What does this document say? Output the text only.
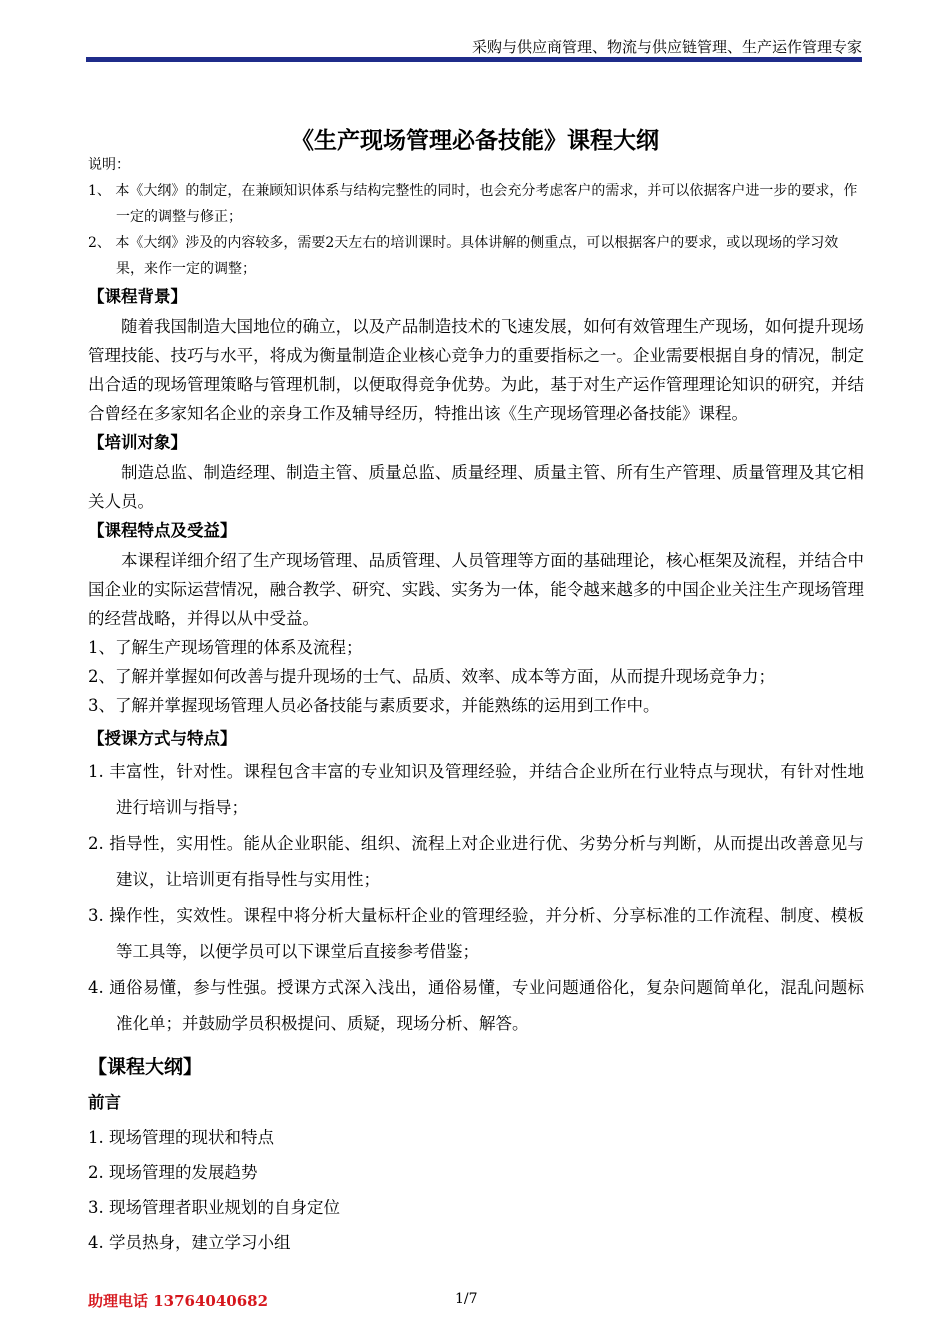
采购与供应商管理、物流与供应链管理、生产运作管理专家
《生产现场管理必备技能》课程大纲
说明：
1、 本《大纲》的制定，在兼顾知识体系与结构完整性的同时，也会充分考虑客户的需求，并可以依据客户进一步的要求，作一定的调整与修正；
2、 本《大纲》涉及的内容较多，需要2天左右的培训课时。具体讲解的侧重点，可以根据客户的要求，或以现场的学习效果，来作一定的调整；
【课程背景】
随着我国制造大国地位的确立，以及产品制造技术的飞速发展，如何有效管理生产现场，如何提升现场管理技能、技巧与水平，将成为衡量制造企业核心竞争力的重要指标之一。企业需要根据自身的情况，制定出合适的现场管理策略与管理机制，以便取得竞争优势。为此，基于对生产运作管理理论知识的研究，并结合曾经在多家知名企业的亲身工作及辅导经历，特推出该《生产现场管理必备技能》课程。
【培训对象】
制造总监、制造经理、制造主管、质量总监、质量经理、质量主管、所有生产管理、质量管理及其它相关人员。
【课程特点及受益】
本课程详细介绍了生产现场管理、品质管理、人员管理等方面的基础理论，核心框架及流程，并结合中国企业的实际运营情况，融合教学、研究、实践、实务为一体，能令越来越多的中国企业关注生产现场管理的经营战略，并得以从中受益。
1、了解生产现场管理的体系及流程；
2、了解并掌握如何改善与提升现场的士气、品质、效率、成本等方面，从而提升现场竞争力；
3、了解并掌握现场管理人员必备技能与素质要求，并能熟练的运用到工作中。
【授课方式与特点】
1. 丰富性，针对性。课程包含丰富的专业知识及管理经验，并结合企业所在行业特点与现状，有针对性地进行培训与指导；
2. 指导性，实用性。能从企业职能、组织、流程上对企业进行优、劣势分析与判断，从而提出改善意见与建议，让培训更有指导性与实用性；
3. 操作性，实效性。课程中将分析大量标杆企业的管理经验，并分析、分享标准的工作流程、制度、模板等工具等，以便学员可以下课堂后直接参考借鉴；
4. 通俗易懂，参与性强。授课方式深入浅出，通俗易懂，专业问题通俗化，复杂问题简单化，混乱问题标准化单；并鼓励学员积极提问、质疑，现场分析、解答。
【课程大纲】
前言
1. 现场管理的现状和特点
2. 现场管理的发展趋势
3. 现场管理者职业规划的自身定位
4. 学员热身，建立学习小组
助理电话 13764040682	1/7
